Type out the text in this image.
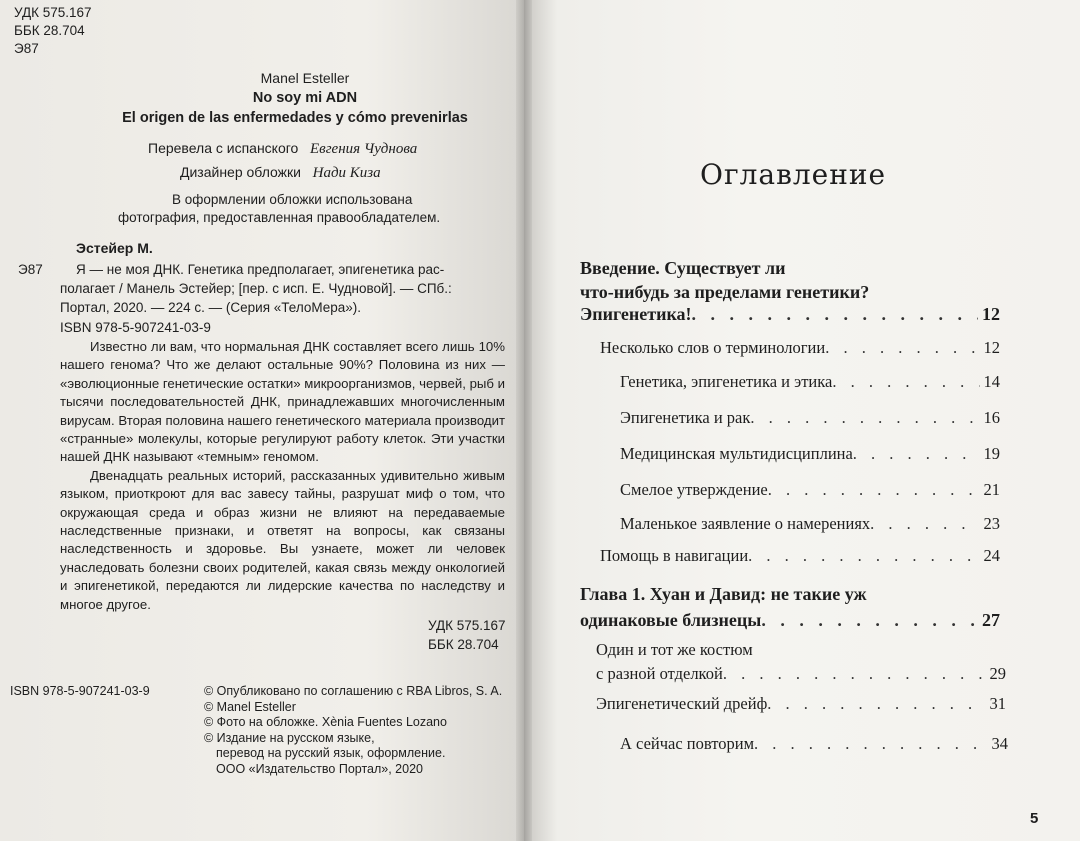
УДК 575.167
ББК 28.704
Э87
Manel Esteller
No soy mi ADN
El origen de las enfermedades y cómo prevenirlas
Перевела с испанского Евгения Чуднова
Дизайнер обложки Нади Киза
В оформлении обложки использована
фотография, предоставленная правообладателем.
Эстейер М.
Э87 Я — не моя ДНК. Генетика предполагает, эпигенетика рас-
полагает / Манель Эстейер; [пер. с исп. Е. Чудновой]. — СПб.:
Портал, 2020. — 224 с. — (Серия «ТелоМера»).
ISBN 978-5-907241-03-9

Известно ли вам, что нормальная ДНК составляет всего лишь 10% нашего генома? Что же делают остальные 90%? Половина из них — «эволюционные генетические остатки» микроорганизмов, червей, рыб и тысячи последовательностей ДНК, принадлежавших многочисленным вирусам. Вторая половина нашего генетического материала производит «странные» молекулы, которые регулируют работу клеток. Эти участки нашей ДНК называют «темным» геномом.

Двенадцать реальных историй, рассказанных удивительно живым языком, приоткроют для вас завесу тайны, разрушат миф о том, что окружающая среда и образ жизни не влияют на передаваемые наследственные признаки, и ответят на вопросы, как связаны наследственность и здоровье. Вы узнаете, может ли человек унаследовать болезни своих родителей, какая связь между онкологией и эпигенетикой, передаются ли лидерские качества по наследству и многое другое.

УДК 575.167
ББК 28.704
ISBN 978-5-907241-03-9	© Опубликовано по соглашению с RBA Libros, S. A.
© Manel Esteller
© Фото на обложке. Xènia Fuentes Lozano
© Издание на русском языке,
перевод на русский язык, оформление.
ООО «Издательство Портал», 2020
Оглавление
Введение. Существует ли
что-нибудь за пределами генетики?
Эпигенетика! . . .	12
Несколько слов о терминологии . . .	12
Генетика, эпигенетика и этика . . .	14
Эпигенетика и рак . . .	16
Медицинская мультидисциплина . . .	19
Смелое утверждение . . .	21
Маленькое заявление о намерениях . . .	23
Помощь в навигации . . .	24
Глава 1. Хуан и Давид: не такие уж
одинаковые близнецы . . .	27
Один и тот же костюм
с разной отделкой . . .	29
Эпигенетический дрейф . . .	31
А сейчас повторим . . .	34
5
